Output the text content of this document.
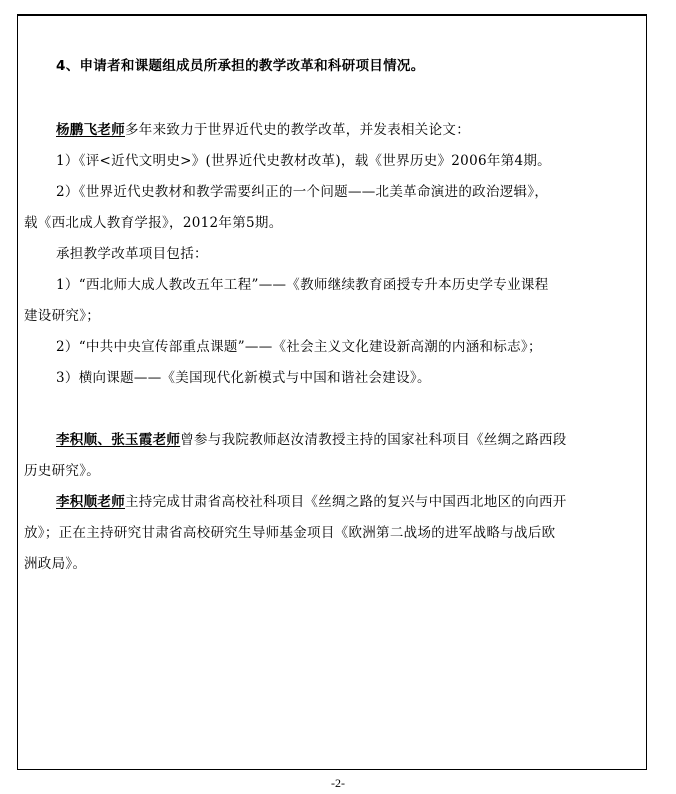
4、申请者和课题组成员所承担的教学改革和科研项目情况。
杨鹏飞老师多年来致力于世界近代史的教学改革，并发表相关论文：
1）《评<近代文明史>》(世界近代史教材改革)，载《世界历史》2006年第4期。
2）《世界近代史教材和教学需要纠正的一个问题——北美革命演进的政治逻辑》，
载《西北成人教育学报》，2012年第5期。
承担教学改革项目包括：
1）“西北师大成人教改五年工程”——《教师继续教育函授专升本历史学专业课程
建设研究》；
2）“中共中央宣传部重点课题”——《社会主义文化建设新高潮的内涵和标志》；
3）横向课题——《美国现代化新模式与中国和谐社会建设》。
李积顺、张玉霞老师曾参与我院教师赵汝清教授主持的国家社科项目《丝绸之路西段
历史研究》。
李积顺老师主持完成甘肃省高校社科项目《丝绸之路的复兴与中国西北地区的向西开
放》；正在主持研究甘肃省高校研究生导师基金项目《欧洲第二战场的进军战略与战后欧
洲政局》。
-2-
